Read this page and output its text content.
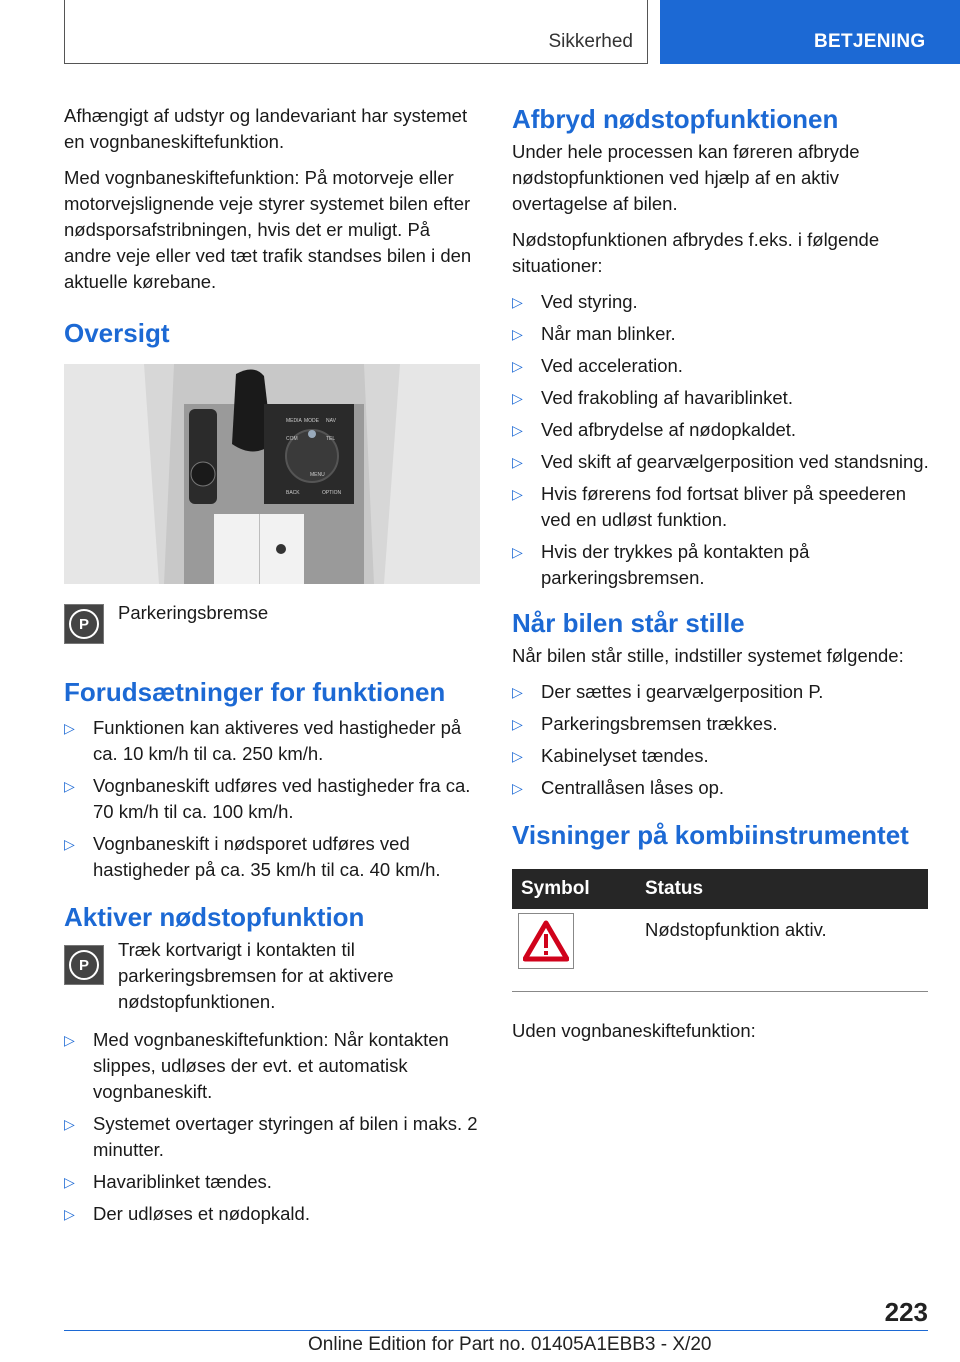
Sikkerhed	BETJENING

Afhængigt af udstyr og landevariant har systemet en vognbaneskiftefunktion.

Med vognbaneskiftefunktion: På motorveje eller motorvejslignende veje styrer systemet bilen efter nødsporsafstribningen, hvis det er muligt. På andre veje eller ved tæt trafik standses bilen i den aktuelle kørebane.

Oversigt
MEDIA MODE NAV
COM	TEL
BACK	OPTION
MENU
P
Parkeringsbremse
Forudsætninger for funktionen
▷ Funktionen kan aktiveres ved hastigheder på ca. 10 km/h til ca. 250 km/h.
▷ Vognbaneskift udføres ved hastigheder fra ca. 70 km/h til ca. 100 km/h.
▷ Vognbaneskift i nødsporet udføres ved hastigheder på ca. 35 km/h til ca. 40 km/h.
Aktiver nødstopfunktion
P

Træk kortvarigt i kontakten til parkeringsbremsen for at aktivere nødstopfunktionen.

▷ Med vognbaneskiftefunktion: Når kontakten slippes, udløses der evt. et automatisk vognbaneskift.
▷ Systemet overtager styringen af bilen i maks. 2 minutter.
▷ Havariblinket tændes.
▷ Der udløses et nødopkald.
Afbryd nødstopfunktionen

Under hele processen kan føreren afbryde nødstopfunktionen ved hjælp af en aktiv overtagelse af bilen.

Nødstopfunktionen afbrydes f.eks. i følgende situationer:

▷ Ved styring.
▷ Når man blinker.
▷ Ved acceleration.
▷ Ved frakobling af havariblinket.
▷ Ved afbrydelse af nødopkaldet.
▷ Ved skift af gearvælgerposition ved standsning.
▷ Hvis førerens fod fortsat bliver på speederen ved en udløst funktion.
▷ Hvis der trykkes på kontakten på parkeringsbremsen.
Når bilen står stille

Når bilen står stille, indstiller systemet følgende:

▷ Der sættes i gearvælgerposition P.
▷ Parkeringsbremsen trækkes.
▷ Kabinelyset tændes.
▷ Centrallåsen låses op.
Visninger på kombiinstrumentet
Symbol	Status

	Nødstopfunktion aktiv.

Uden vognbaneskiftefunktion:

223
Online Edition for Part no. 01405A1EBB3 - X/20
